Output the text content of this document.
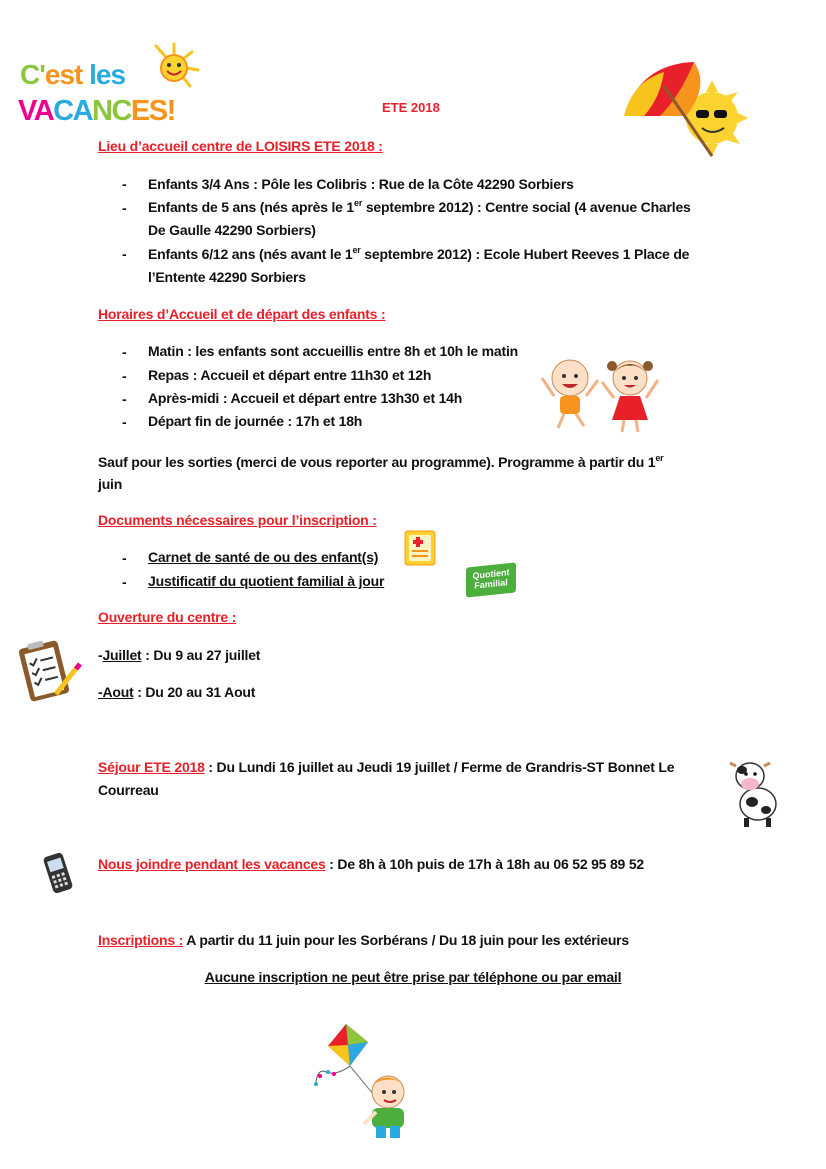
C'est les
VACANCES!	ETE 2018
Lieu d’accueil centre de LOISIRS ETE 2018 :
- Enfants 3/4 Ans : Pôle les Colibris : Rue de la Côte 42290 Sorbiers
- Enfants de 5 ans (nés après le 1er septembre 2012) : Centre social (4 avenue Charles
De Gaulle 42290 Sorbiers)
- Enfants 6/12 ans (nés avant le 1er septembre 2012) : Ecole Hubert Reeves 1 Place de
l’Entente 42290 Sorbiers
Horaires d’Accueil et de départ des enfants :
- Matin : les enfants sont accueillis entre 8h et 10h le matin
- Repas : Accueil et départ entre 11h30 et 12h
- Après-midi : Accueil et départ entre 13h30 et 14h
- Départ fin de journée : 17h et 18h
Sauf pour les sorties (merci de vous reporter au programme). Programme à partir du 1er
juin
Documents nécessaires pour l’inscription :
- Carnet de santé de ou des enfant(s)
- Justificatif du quotient familial à jour	Quotient
Familial
Ouverture du centre :
-Juillet : Du 9 au 27 juillet
-Aout : Du 20 au 31 Aout
Séjour ETE 2018 : Du Lundi 16 juillet au Jeudi 19 juillet / Ferme de Grandris-ST Bonnet Le
Courreau
Nous joindre pendant les vacances : De 8h à 10h puis de 17h à 18h au 06 52 95 89 52
Inscriptions : A partir du 11 juin pour les Sorbérans / Du 18 juin pour les extérieurs
Aucune inscription ne peut être prise par téléphone ou par email
